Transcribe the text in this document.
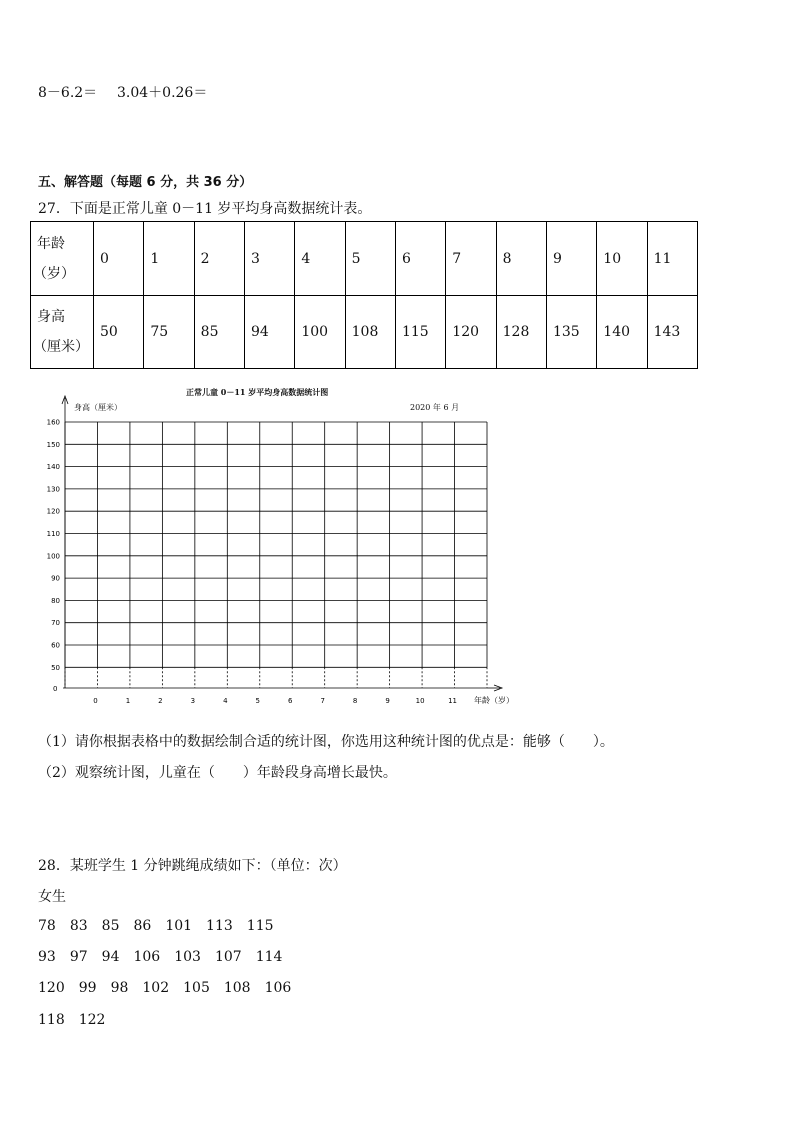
8－6.2＝ 3.04＋0.26＝
五、解答题（每题 6 分，共 36 分）
27．下面是正常儿童 0－11 岁平均身高数据统计表。
年龄
（岁）	0	1	2	3	4	5	6	7	8	9	10	11

身高
（厘米）	50	75	85	94	100	108	115	120	128	135	140	143
正常儿童 0－11 岁平均身高数据统计图
身高（厘米）	2020 年 6 月
160
150
140
130
120
110
100
90
80
70
60
50
0	1	2	3	4	5	6	7	8	9	10	11
0
年龄（岁）
（1）请你根据表格中的数据绘制合适的统计图，你选用这种统计图的优点是：能够（　　）。
（2）观察统计图，儿童在（　　）年龄段身高增长最快。
28．某班学生 1 分钟跳绳成绩如下：（单位：次）
女生
78 83 85 86 101 113 115
93 97 94 106 103 107 114
120 99 98 102 105 108 106
118 122
